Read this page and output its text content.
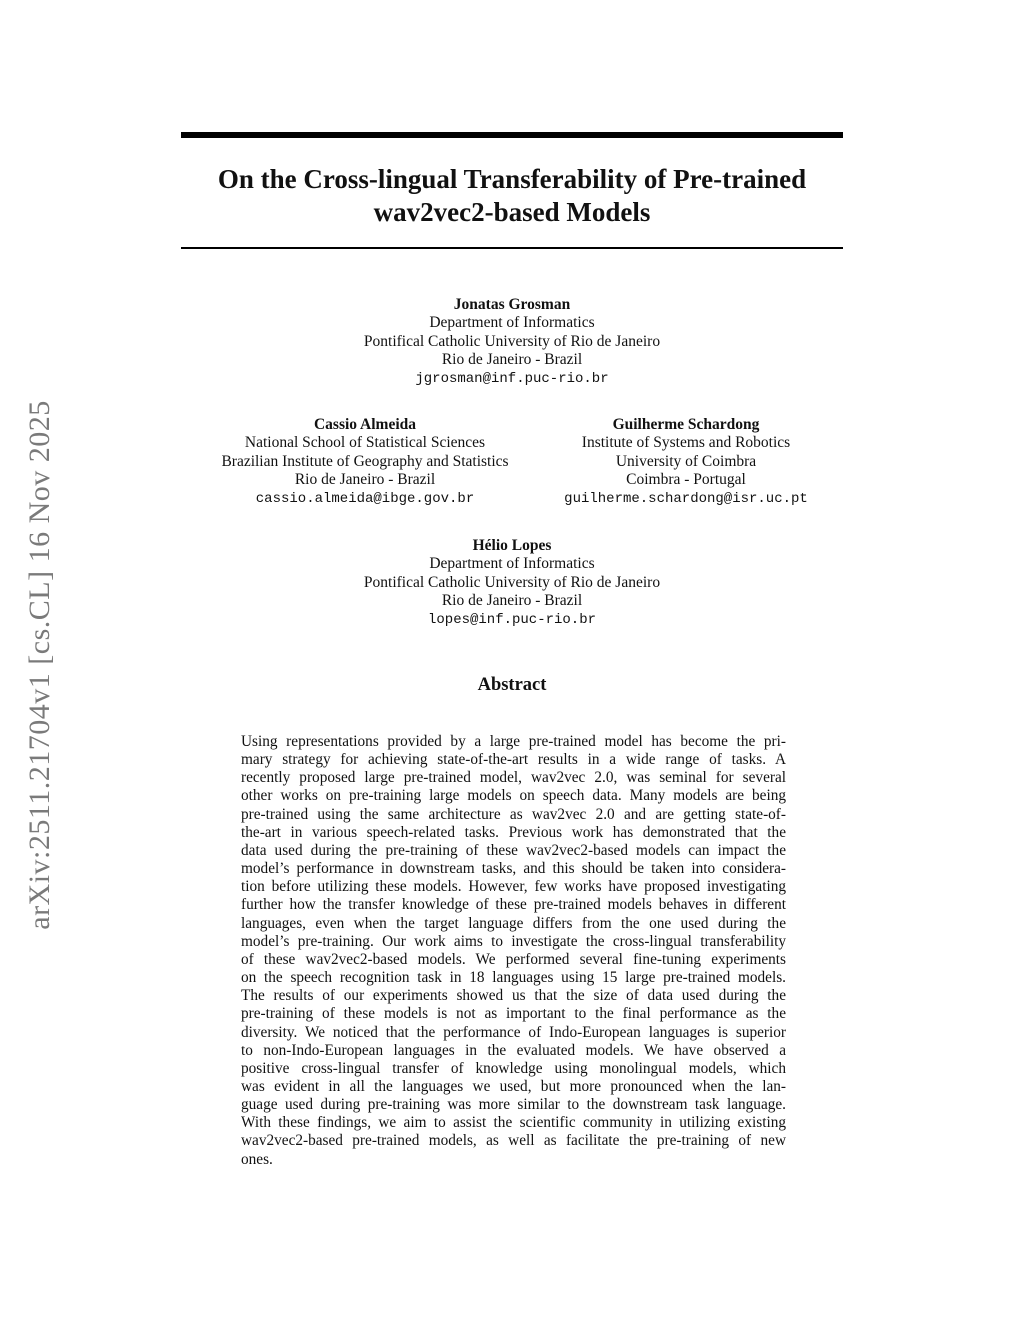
arXiv:2511.21704v1 [cs.CL] 16 Nov 2025
On the Cross-lingual Transferability of Pre-trained
wav2vec2-based Models
Jonatas Grosman
Department of Informatics
Pontifical Catholic University of Rio de Janeiro
Rio de Janeiro - Brazil
jgrosman@inf.puc-rio.br
Cassio Almeida
National School of Statistical Sciences
Brazilian Institute of Geography and Statistics
Rio de Janeiro - Brazil
cassio.almeida@ibge.gov.br
Guilherme Schardong
Institute of Systems and Robotics
University of Coimbra
Coimbra - Portugal
guilherme.schardong@isr.uc.pt
Hélio Lopes
Department of Informatics
Pontifical Catholic University of Rio de Janeiro
Rio de Janeiro - Brazil
lopes@inf.puc-rio.br
Abstract
Using representations provided by a large pre-trained model has become the pri-
mary strategy for achieving state-of-the-art results in a wide range of tasks. A
recently proposed large pre-trained model, wav2vec 2.0, was seminal for several
other works on pre-training large models on speech data. Many models are being
pre-trained using the same architecture as wav2vec 2.0 and are getting state-of-
the-art in various speech-related tasks. Previous work has demonstrated that the
data used during the pre-training of these wav2vec2-based models can impact the
model’s performance in downstream tasks, and this should be taken into considera-
tion before utilizing these models. However, few works have proposed investigating
further how the transfer knowledge of these pre-trained models behaves in different
languages, even when the target language differs from the one used during the
model’s pre-training. Our work aims to investigate the cross-lingual transferability
of these wav2vec2-based models. We performed several fine-tuning experiments
on the speech recognition task in 18 languages using 15 large pre-trained models.
The results of our experiments showed us that the size of data used during the
pre-training of these models is not as important to the final performance as the
diversity. We noticed that the performance of Indo-European languages is superior
to non-Indo-European languages in the evaluated models. We have observed a
positive cross-lingual transfer of knowledge using monolingual models, which
was evident in all the languages we used, but more pronounced when the lan-
guage used during pre-training was more similar to the downstream task language.
With these findings, we aim to assist the scientific community in utilizing existing
wav2vec2-based pre-trained models, as well as facilitate the pre-training of new
ones.
